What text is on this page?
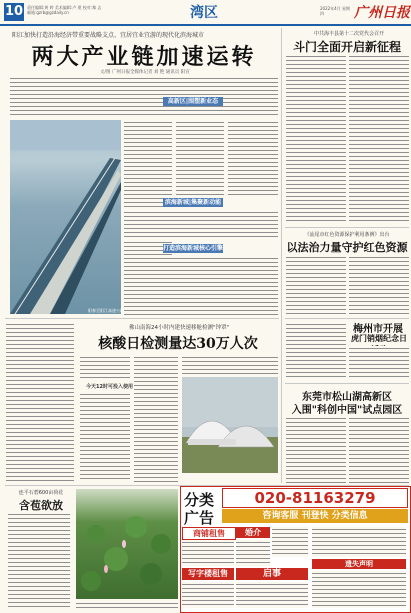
10 责任编辑:黄 婷 美术编辑:卢 建 校对:黎 志 邮箱:gzrb@gzdaily.cn	湾区	2022年4月 星期四	广州日报
阳江加快打造沿海经济带重要战略支点、宜居宜业宜游的现代化滨海城市
两大产业链加速运转
文/图 广州日报全媒体记者 刘 艳 通讯员 阳宣
阳春至阳江高速公路
高新区|围塑新业态
滨海新城|集聚新动能
打造滨海新城核心引擎
中共海丰县第十二次党代会召开
斗门全面开启新征程
《汕尾市红色资源保护利用条例》出台
以法治力量守护红色资源
梅州市开展
虎门销烟纪念日
东莞市松山湖高新区
入围"科创中国"试点园区
佛山南海24小时内建快速移舱检测"钟罩"
核酸日检测量达30万人次
今天12时可投入使用
连平石碧600亩荷花
含苞欲放	分类
广告
020-81163279
咨询客服 刊登快 分类信息
商铺租售	婚介
启事
写字楼租售
遗失声明
